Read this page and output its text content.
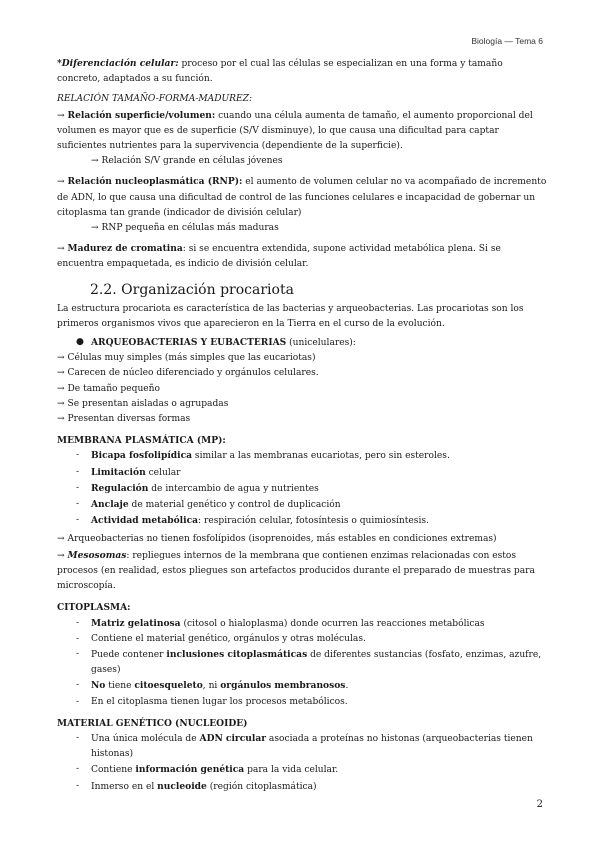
Biología — Tema 6

*Diferenciación celular: proceso por el cual las células se especializan en una forma y tamaño concreto, adaptados a su función.

RELACIÓN TAMAÑO-FORMA-MADUREZ:

→ Relación superficie/volumen: cuando una célula aumenta de tamaño, el aumento proporcional del volumen es mayor que es de superficie (S/V disminuye), lo que causa una dificultad para captar suficientes nutrientes para la supervivencia (dependiente de la superficie).

→ Relación S/V grande en células jóvenes

→ Relación nucleoplasmática (RNP): el aumento de volumen celular no va acompañado de incremento de ADN, lo que causa una dificultad de control de las funciones celulares e incapacidad de gobernar un citoplasma tan grande (indicador de división celular)

→ RNP pequeña en células más maduras

→ Madurez de cromatina: si se encuentra extendida, supone actividad metabólica plena. Si se encuentra empaquetada, es indicio de división celular.

2.2. Organización procariota

La estructura procariota es característica de las bacterias y arqueobacterias. Las procariotas son los primeros organismos vivos que aparecieron en la Tierra en el curso de la evolución.

● ARQUEOBACTERIAS Y EUBACTERIAS (unicelulares):

→ Células muy simples (más simples que las eucariotas)

→ Carecen de núcleo diferenciado y orgánulos celulares.

→ De tamaño pequeño

→ Se presentan aisladas o agrupadas

→ Presentan diversas formas

MEMBRANA PLASMÁTICA (MP):

- Bicapa fosfolipídica similar a las membranas eucariotas, pero sin esteroles.
- Limitación celular
- Regulación de intercambio de agua y nutrientes
- Anclaje de material genético y control de duplicación
- Actividad metabólica: respiración celular, fotosíntesis o quimiosíntesis.

→ Arqueobacterias no tienen fosfolípidos (isoprenoides, más estables en condiciones extremas)

→ Mesosomas: repliegues internos de la membrana que contienen enzimas relacionadas con estos procesos (en realidad, estos pliegues son artefactos producidos durante el preparado de muestras para microscopía.

CITOPLASMA:

- Matriz gelatinosa (citosol o hialoplasma) donde ocurren las reacciones metabólicas
- Contiene el material genético, orgánulos y otras moléculas.
- Puede contener inclusiones citoplasmáticas de diferentes sustancias (fosfato, enzimas, azufre, gases)
- No tiene citoesqueleto, ni orgánulos membranosos.
- En el citoplasma tienen lugar los procesos metabólicos.

MATERIAL GENÉTICO (NUCLEOIDE)

- Una única molécula de ADN circular asociada a proteínas no histonas (arqueobacterias tienen histonas)
- Contiene información genética para la vida celular.
- Inmerso en el nucleoide (región citoplasmática)
2
